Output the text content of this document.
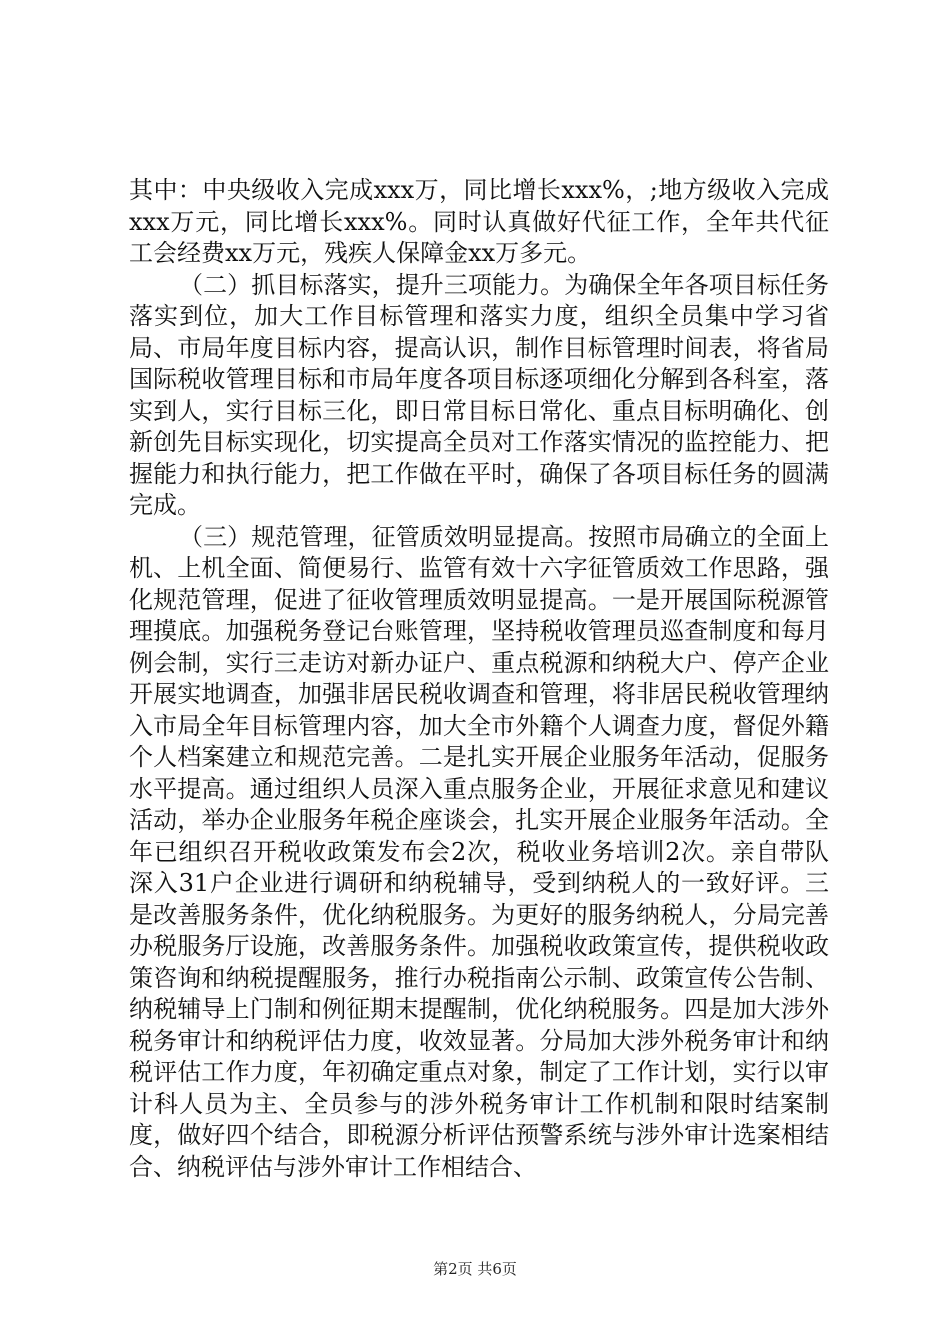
其中：中央级收入完成xxx万，同比增长xxx%，;地方级收入完成xxx万元，同比增长xxx%。同时认真做好代征工作，全年共代征工会经费xx万元，残疾人保障金xx万多元。

（二）抓目标落实，提升三项能力。为确保全年各项目标任务落实到位，加大工作目标管理和落实力度，组织全员集中学习省局、市局年度目标内容，提高认识，制作目标管理时间表，将省局国际税收管理目标和市局年度各项目标逐项细化分解到各科室，落实到人，实行目标三化，即日常目标日常化、重点目标明确化、创新创先目标实现化，切实提高全员对工作落实情况的监控能力、把握能力和执行能力，把工作做在平时，确保了各项目标任务的圆满完成。

（三）规范管理，征管质效明显提高。按照市局确立的全面上机、上机全面、简便易行、监管有效十六字征管质效工作思路，强化规范管理，促进了征收管理质效明显提高。一是开展国际税源管理摸底。加强税务登记台账管理，坚持税收管理员巡查制度和每月例会制，实行三走访对新办证户、重点税源和纳税大户、停产企业开展实地调查，加强非居民税收调查和管理，将非居民税收管理纳入市局全年目标管理内容，加大全市外籍个人调查力度，督促外籍个人档案建立和规范完善。二是扎实开展企业服务年活动，促服务水平提高。通过组织人员深入重点服务企业，开展征求意见和建议活动，举办企业服务年税企座谈会，扎实开展企业服务年活动。全年已组织召开税收政策发布会2次，税收业务培训2次。亲自带队深入31户企业进行调研和纳税辅导，受到纳税人的一致好评。三是改善服务条件，优化纳税服务。为更好的服务纳税人，分局完善办税服务厅设施，改善服务条件。加强税收政策宣传，提供税收政策咨询和纳税提醒服务，推行办税指南公示制、政策宣传公告制、纳税辅导上门制和例征期末提醒制，优化纳税服务。四是加大涉外税务审计和纳税评估力度，收效显著。分局加大涉外税务审计和纳税评估工作力度，年初确定重点对象，制定了工作计划，实行以审计科人员为主、全员参与的涉外税务审计工作机制和限时结案制度，做好四个结合，即税源分析评估预警系统与涉外审计选案相结合、纳税评估与涉外审计工作相结合、

第2页 共6页
